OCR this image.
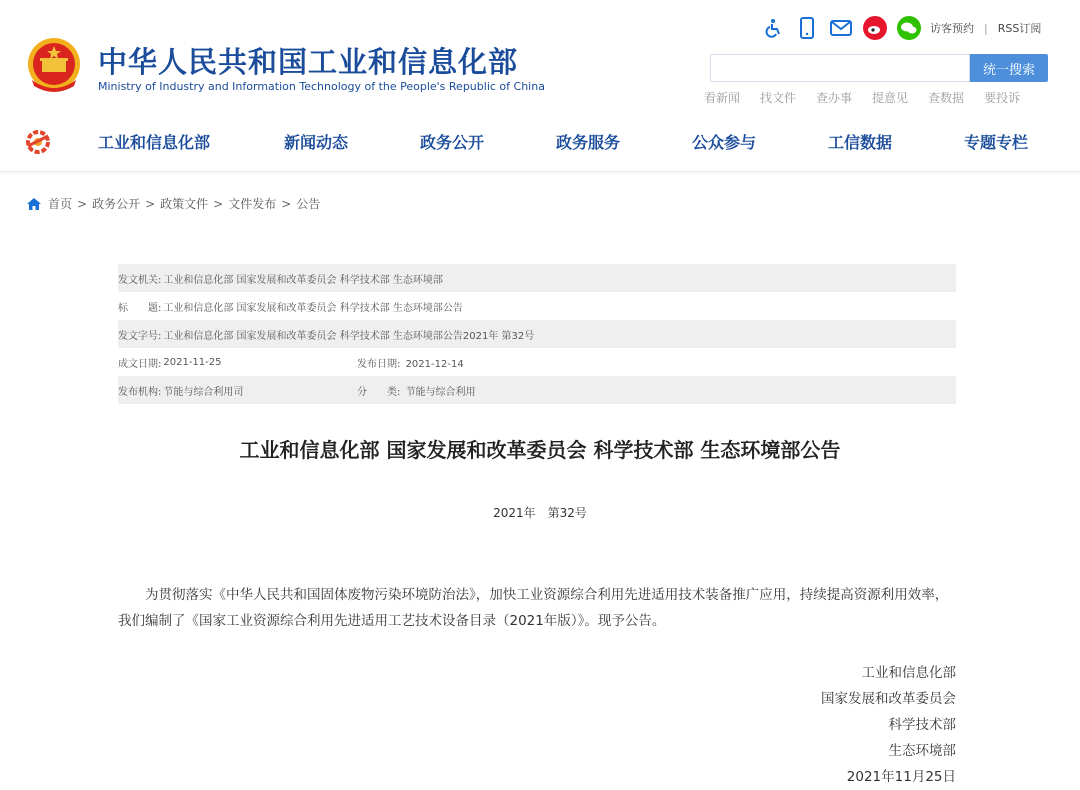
中华人民共和国工业和信息化部
Ministry of Industry and Information Technology of the People's Republic of China
访客预约 | RSS订阅
统一搜索
看新闻 找文件 查办事 提意见 查数据 要投诉
工业和信息化部	新闻动态	政务公开	政务服务	公众参与	工信数据	专题专栏
首页 > 政务公开 > 政策文件 > 文件发布 > 公告
发文机关: 工业和信息化部 国家发展和改革委员会 科学技术部 生态环境部
标　　题: 工业和信息化部 国家发展和改革委员会 科学技术部 生态环境部公告
发文字号: 工业和信息化部 国家发展和改革委员会 科学技术部 生态环境部公告2021年 第32号
成文日期: 2021-11-25	发布日期: 2021-12-14
发布机构: 节能与综合利用司	分　　类: 节能与综合利用
工业和信息化部 国家发展和改革委员会 科学技术部 生态环境部公告
2021年　第32号

为贯彻落实《中华人民共和国固体废物污染环境防治法》，加快工业资源综合利用先进适用技术装备推广应用，持续提高资源利用效率，我们编制了《国家工业资源综合利用先进适用工艺技术设备目录（2021年版）》。现予公告。

工业和信息化部
国家发展和改革委员会
科学技术部
生态环境部
2021年11月25日
